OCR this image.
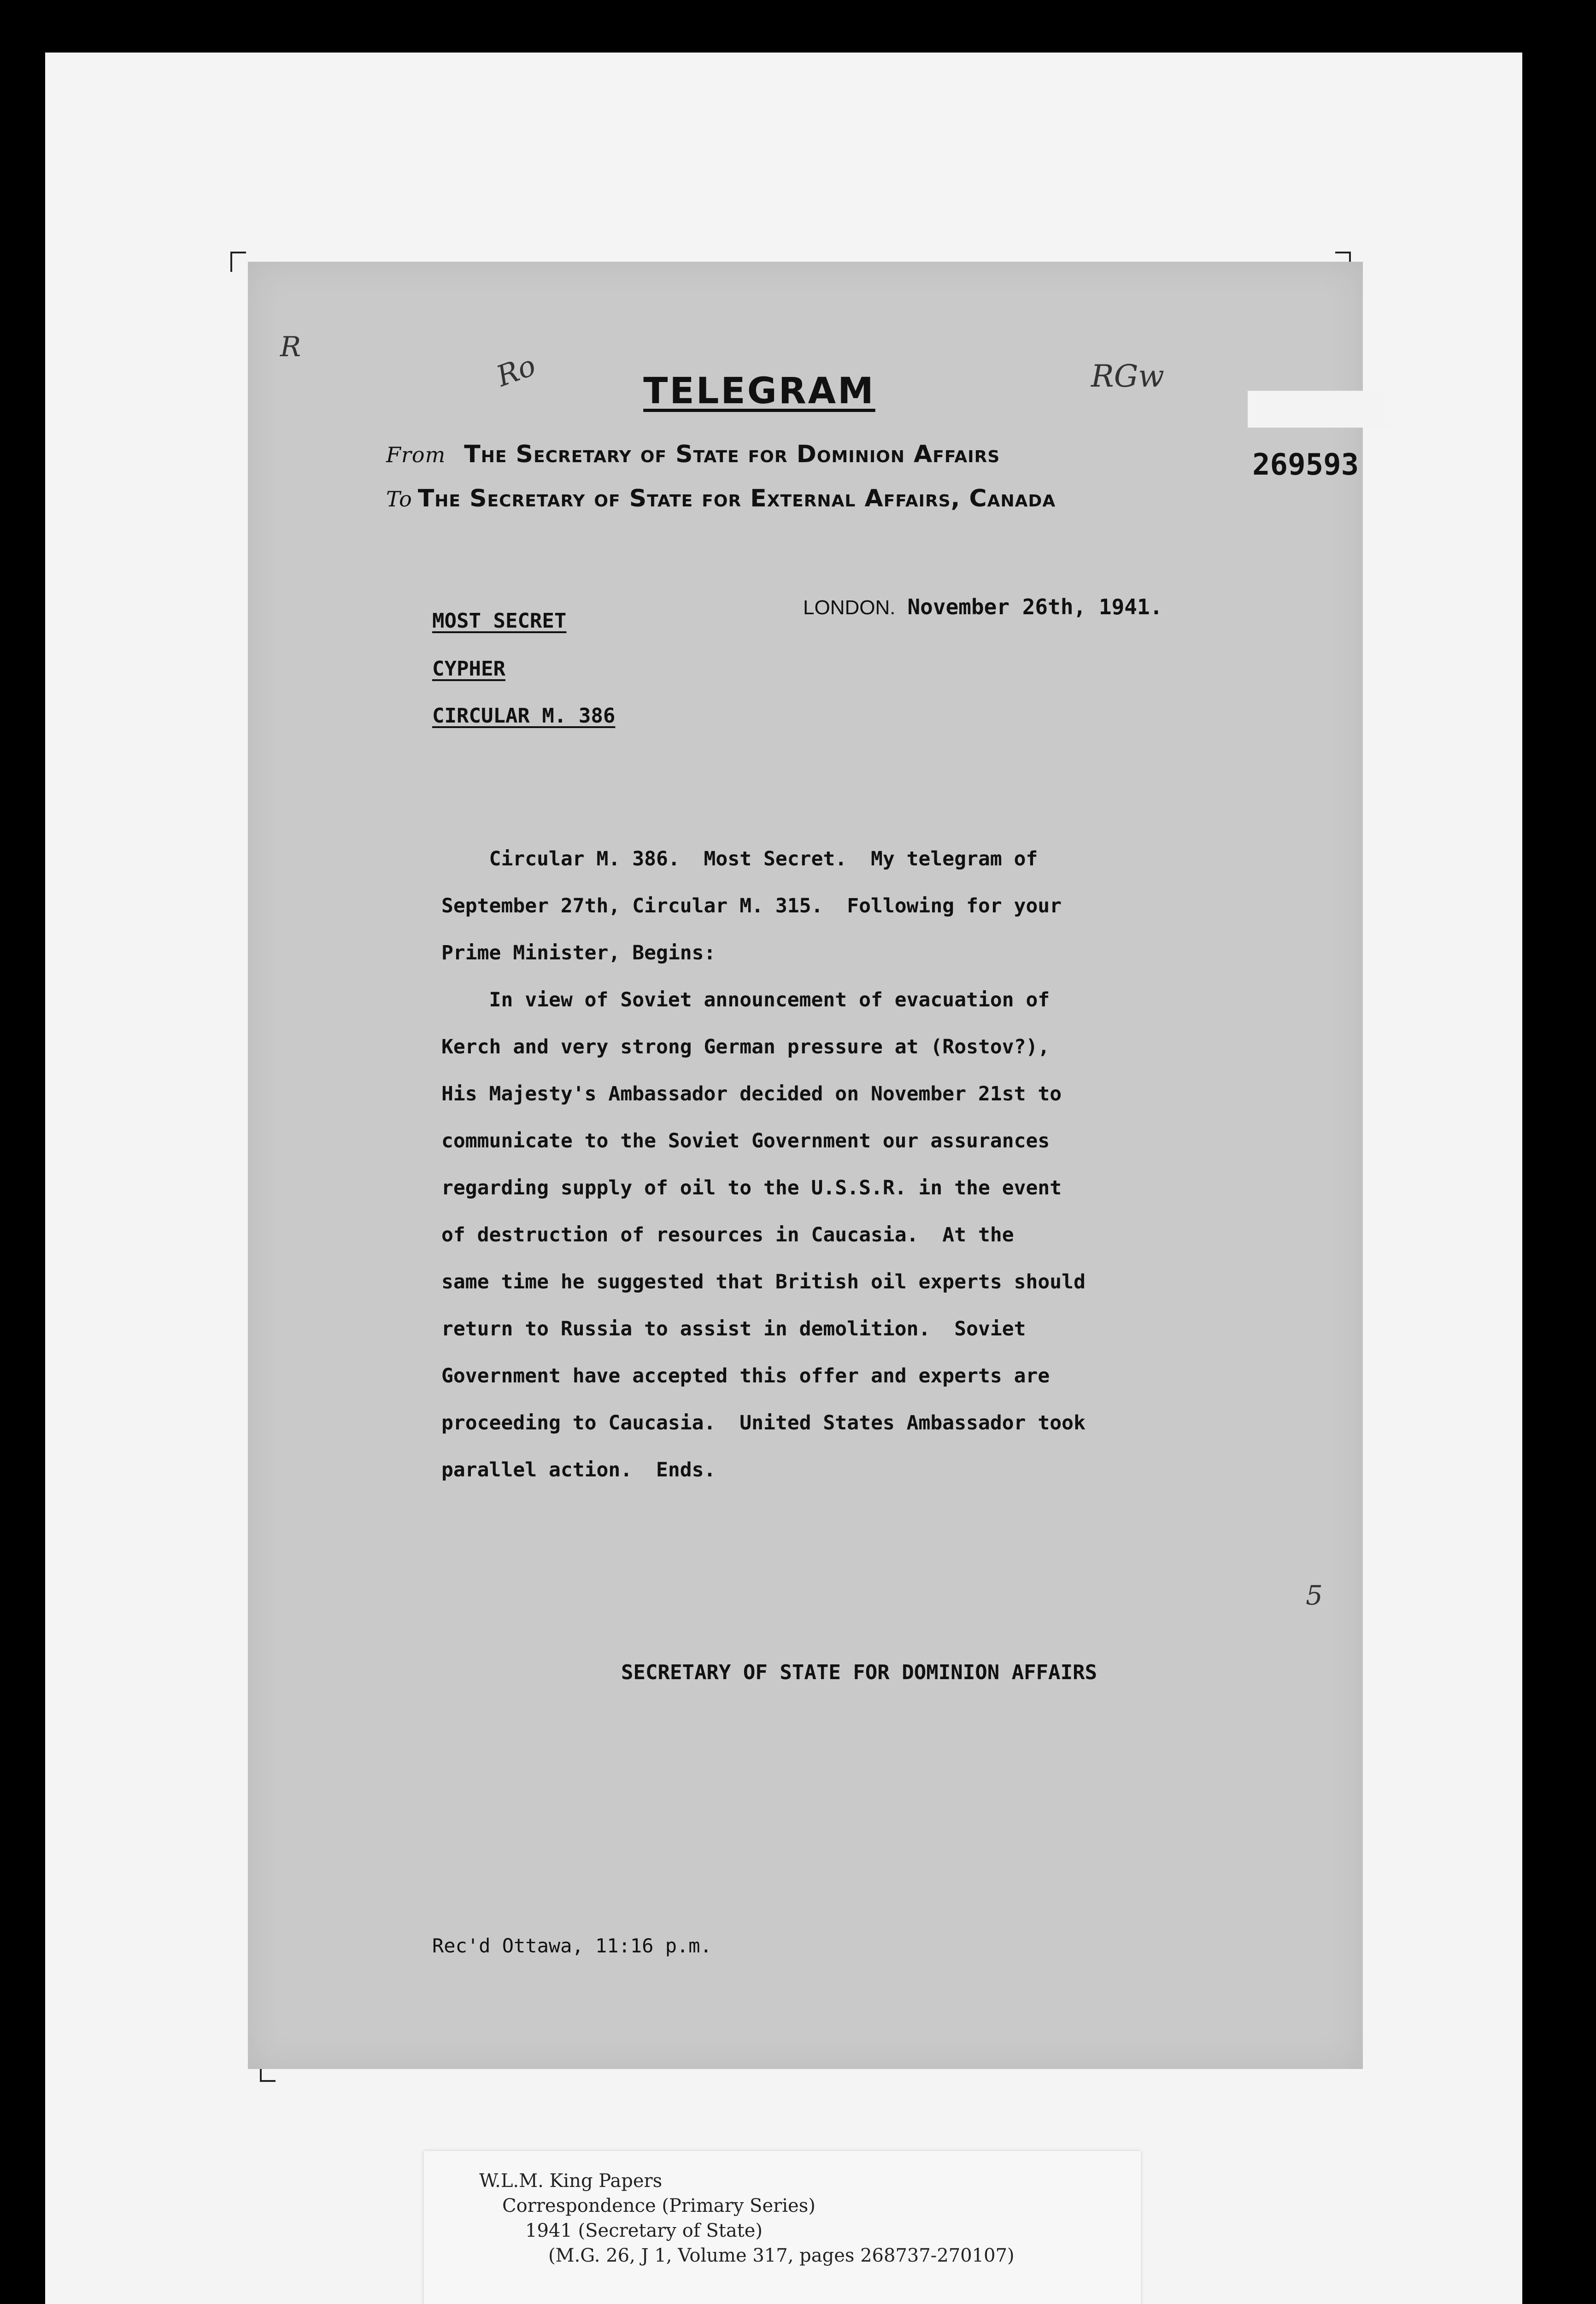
R
Ro	RGw
TELEGRAM
From The Secretary of State for Dominion Affairs
To The Secretary of State for External Affairs, Canada
269593
MOST SECRET
CYPHER
CIRCULAR M. 386
LONDON. November 26th, 1941.

Circular M. 386.  Most Secret.  My telegram of

September 27th, Circular M. 315.  Following for your

Prime Minister, Begins:

In view of Soviet announcement of evacuation of

Kerch and very strong German pressure at (Rostov?),

His Majesty's Ambassador decided on November 21st to

communicate to the Soviet Government our assurances

regarding supply of oil to the U.S.S.R. in the event

of destruction of resources in Caucasia.  At the

same time he suggested that British oil experts should

return to Russia to assist in demolition.  Soviet

Government have accepted this offer and experts are

proceeding to Caucasia.  United States Ambassador took

parallel action.  Ends.

SECRETARY OF STATE FOR DOMINION AFFAIRS
5
Rec'd Ottawa, 11:16 p.m.
W.L.M. King Papers
Correspondence (Primary Series)
1941 (Secretary of State)
(M.G. 26, J 1, Volume 317, pages 268737-270107)
